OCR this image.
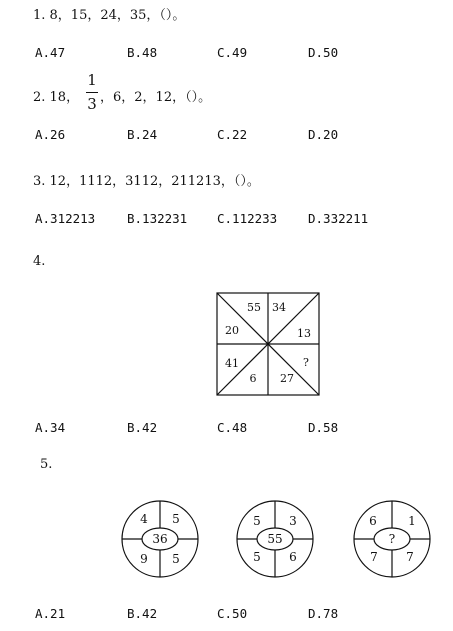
1. 8，15，24，35，（）。
A.47	B.48	C.49	D.50
2. 18，
1
3 ，6，2，12，（）。
A.26	B.24	C.22	D.20
3. 12，1112，3112，211213，（）。
A.312213	B.132231 C.112233 D.332211
4.
55 34
20	13
41
6 27
?
A.34	B.42	C.48	D.58
5.
4 5
36
9 5
5 3
55
5 6
6	1
?
7 7
A.21	B.42	C.50	D.78
